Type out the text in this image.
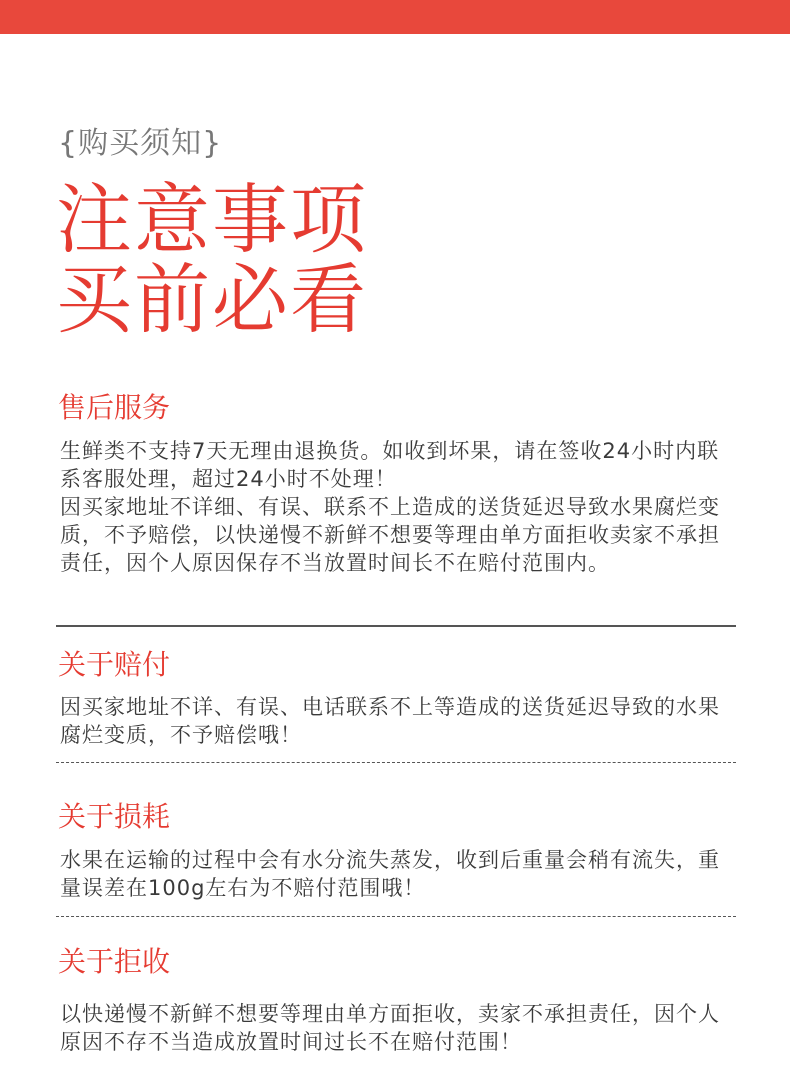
{购买须知}
注意事项
买前必看
售后服务

生鲜类不支持7天无理由退换货。如收到坏果，请在签收24小时内联系客服处理，超过24小时不处理！

因买家地址不详细、有误、联系不上造成的送货延迟导致水果腐烂变质，不予赔偿，以快递慢不新鲜不想要等理由单方面拒收卖家不承担责任，因个人原因保存不当放置时间长不在赔付范围内。

关于赔付

因买家地址不详、有误、电话联系不上等造成的送货延迟导致的水果腐烂变质，不予赔偿哦！

关于损耗

水果在运输的过程中会有水分流失蒸发，收到后重量会稍有流失，重量误差在100g左右为不赔付范围哦！

关于拒收

以快递慢不新鲜不想要等理由单方面拒收，卖家不承担责任，因个人原因不存不当造成放置时间过长不在赔付范围！
